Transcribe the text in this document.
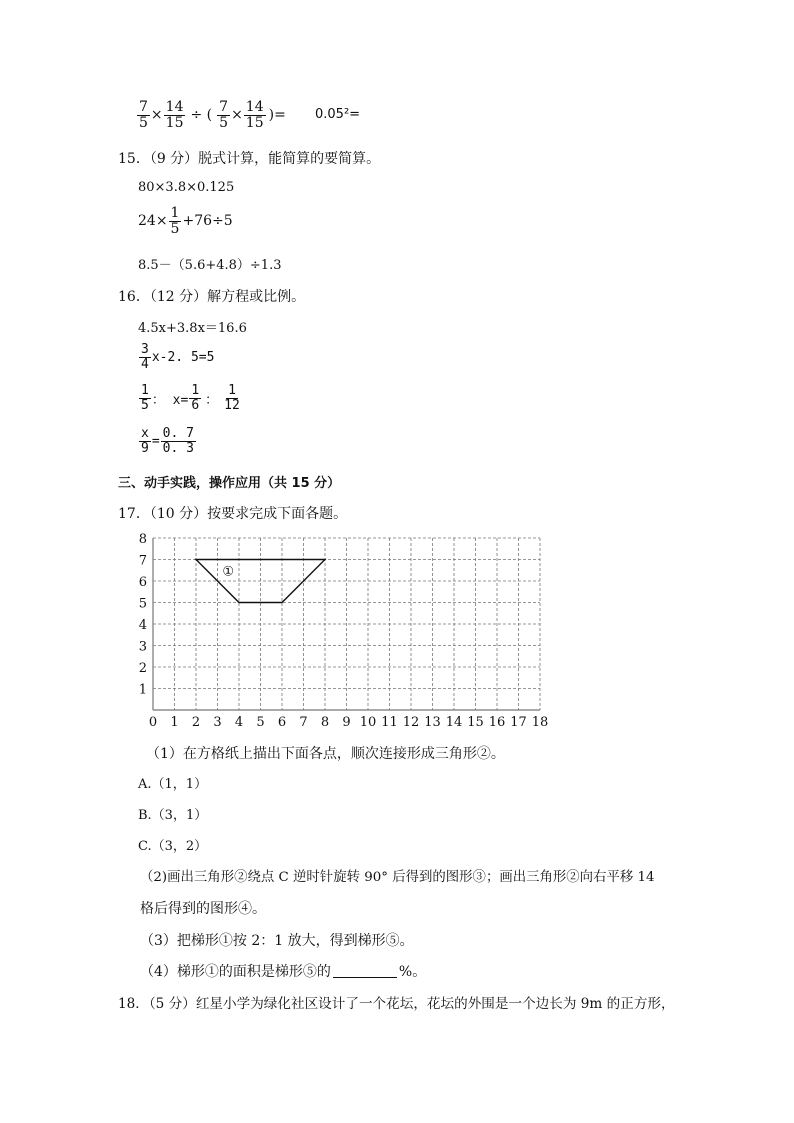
$\frac{7}{5} \times \frac{14}{15}$ ÷ ( $\frac{7}{5} \times \frac{14}{15}$ )= 0.05²=
15．（9 分）脱式计算，能简算的要简算。
80×3.8×0.125
$24\times \frac{1}{5} +76\div 5$
8.5－（5.6+4.8）÷1.3
16．（12 分）解方程或比例。
4.5x+3.8x＝16.6
$\frac{3}{4} x-2$. 5=5
$\frac{1}{5}$ ： $x= \frac{1}{6}$ ： $\frac{1}{12}$
$\frac{x}{9} = \frac{0. 7}{0. 3}$
三、动手实践，操作应用（共 15 分）
17．（10 分）按要求完成下面各题。
0 1 2 3 4 5 6 7 8 9 10 11 12 13 14 15 16 17 18
1
2
3
4
5
6
7
8
①
（1）在方格纸上描出下面各点，顺次连接形成三角形②。
A.（1，1）
B.（3，1）
C.（3，2）
（2)画出三角形②绕点 C 逆时针旋转 90° 后得到的图形③；画出三角形②向右平移 14
格后得到的图形④。
（3）把梯形①按 2：1 放大，得到梯形⑤。
（4）梯形①的面积是梯形⑤的	%。
18．（5 分）红星小学为绿化社区设计了一个花坛，花坛的外围是一个边长为 9m 的正方形，
